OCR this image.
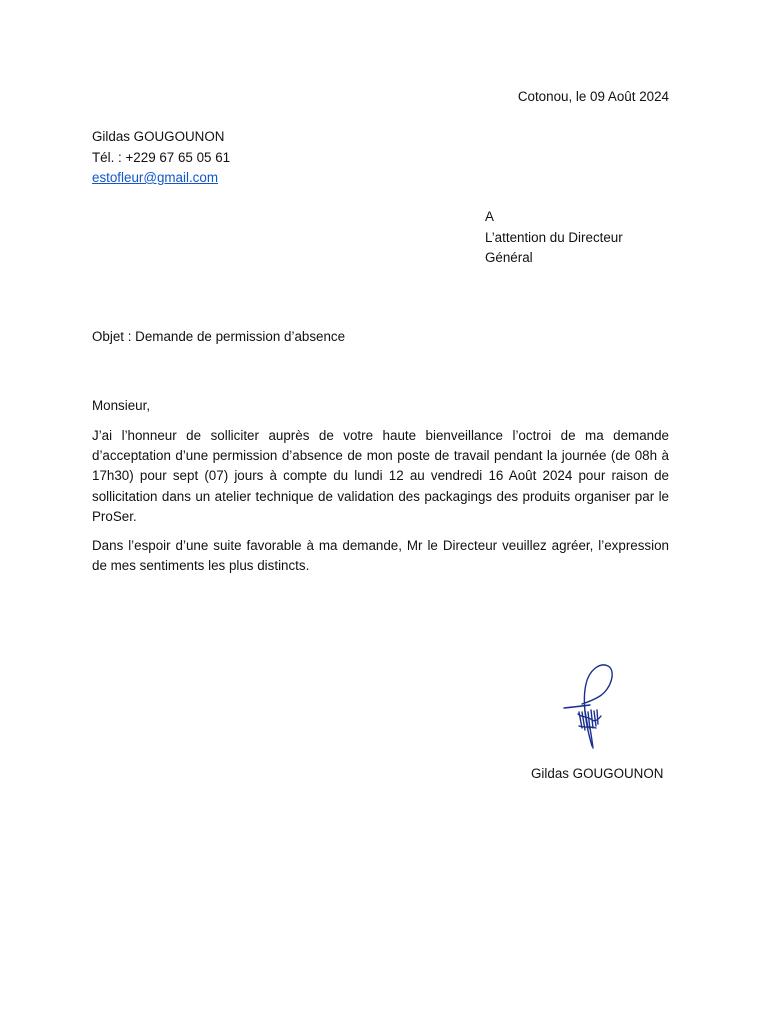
Cotonou, le 09 Août 2024
Gildas GOUGOUNON
Tél. : +229 67 65 05 61
estofleur@gmail.com
A
L’attention du Directeur
Général
Objet : Demande de permission d’absence
Monsieur,

J’ai l’honneur de solliciter auprès de votre haute bienveillance l’octroi de ma demande d’acceptation d’une permission d’absence de mon poste de travail pendant la journée (de 08h à 17h30) pour sept (07) jours à compte du lundi 12 au vendredi 16 Août 2024 pour raison de sollicitation dans un atelier technique de validation des packagings des produits organiser par le ProSer.

Dans l’espoir d’une suite favorable à ma demande, Mr le Directeur veuillez agréer, l’expression de mes sentiments les plus distincts.

Gildas GOUGOUNON
